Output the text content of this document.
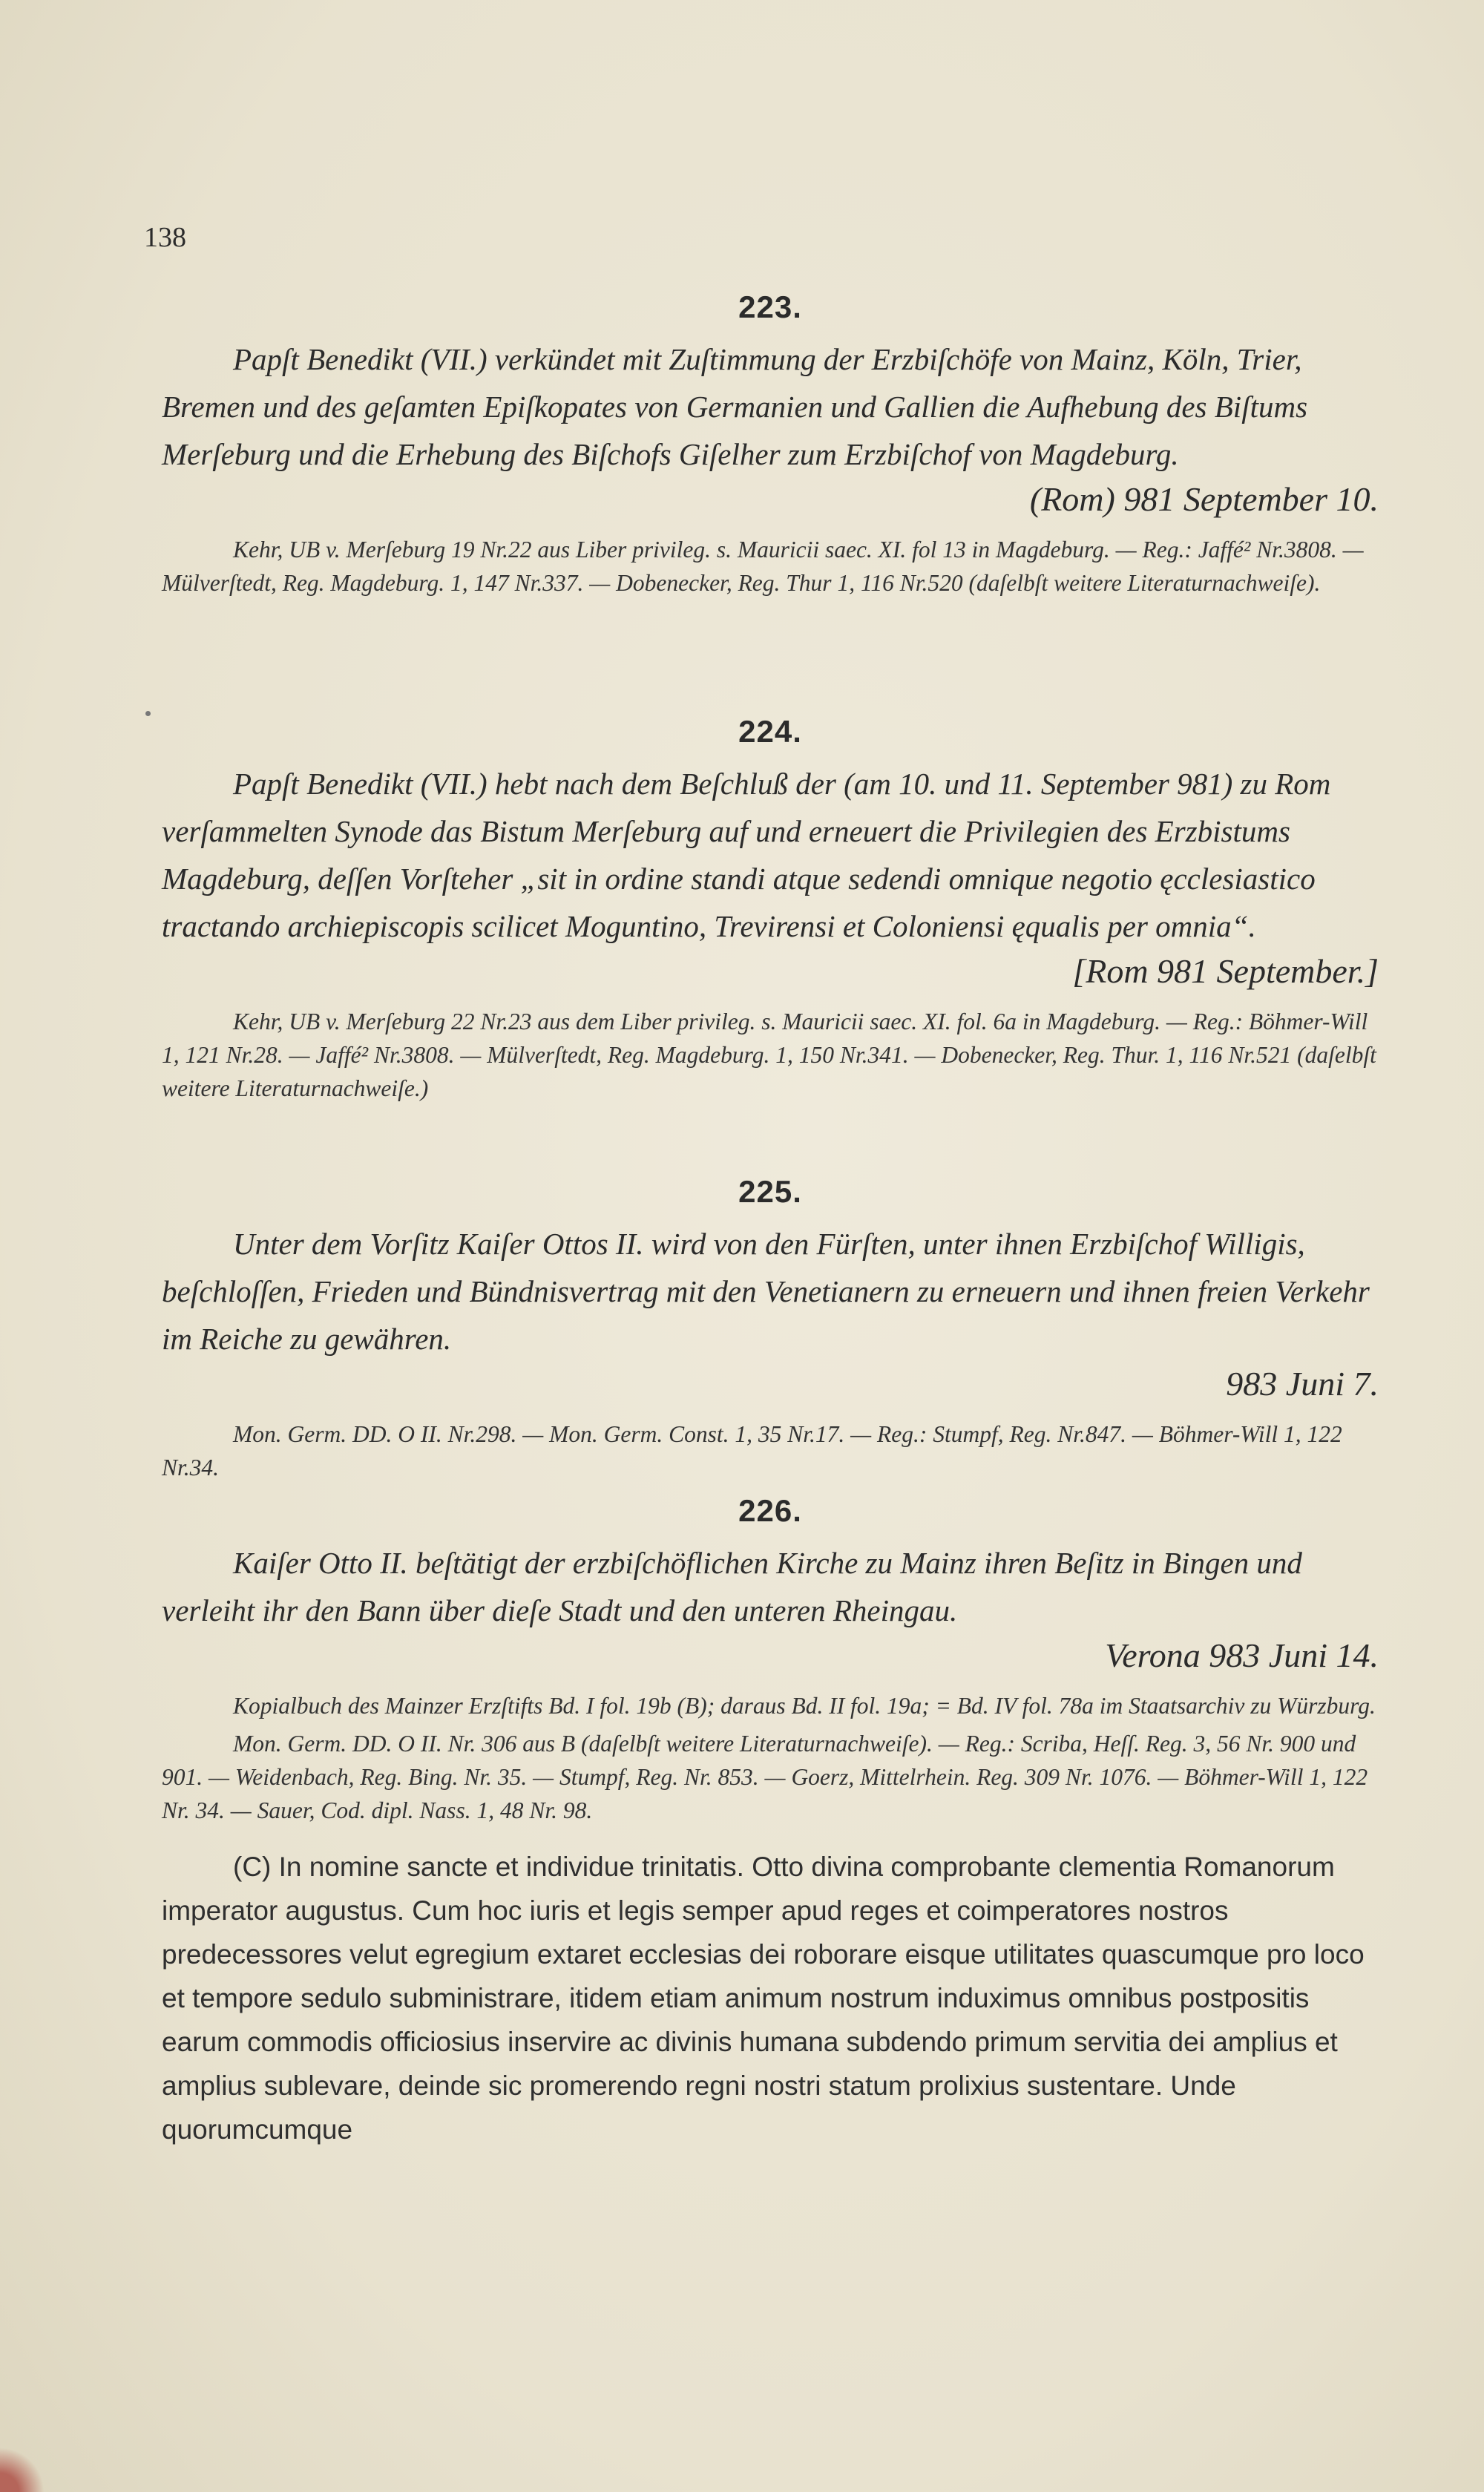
138
223.

Papſt Benedikt (VII.) verkündet mit Zuſtimmung der Erzbiſchöfe von Mainz, Köln, Trier, Bremen und des geſamten Epiſkopates von Germanien und Gallien die Aufhebung des Biſtums Merſeburg und die Erhebung des Biſchofs Giſelher zum Erzbiſchof von Magdeburg.

(Rom) 981 September 10.

Kehr, UB v. Merſeburg 19 Nr.22 aus Liber privileg. s. Mauricii saec. XI. fol 13 in Magdeburg. — Reg.: Jaffé² Nr.3808. — Mülverſtedt, Reg. Magdeburg. 1, 147 Nr.337. — Dobenecker, Reg. Thur 1, 116 Nr.520 (daſelbſt weitere Literaturnachweiſe).

224.

Papſt Benedikt (VII.) hebt nach dem Beſchluß der (am 10. und 11. September 981) zu Rom verſammelten Synode das Bistum Merſeburg auf und erneuert die Privilegien des Erzbistums Magdeburg, deſſen Vorſteher „sit in ordine standi atque sedendi omnique negotio ęcclesiastico tractando archiepiscopis scilicet Moguntino, Trevirensi et Coloniensi ęqualis per omnia“.

[Rom 981 September.]

Kehr, UB v. Merſeburg 22 Nr.23 aus dem Liber privileg. s. Mauricii saec. XI. fol. 6a in Magdeburg. — Reg.: Böhmer-Will 1, 121 Nr.28. — Jaffé² Nr.3808. — Mülverſtedt, Reg. Magdeburg. 1, 150 Nr.341. — Dobenecker, Reg. Thur. 1, 116 Nr.521 (daſelbſt weitere Literaturnachweiſe.)

225.

Unter dem Vorſitz Kaiſer Ottos II. wird von den Fürſten, unter ihnen Erzbiſchof Willigis, beſchloſſen, Frieden und Bündnisvertrag mit den Venetianern zu erneuern und ihnen freien Verkehr im Reiche zu gewähren.

983 Juni 7.

Mon. Germ. DD. O II. Nr.298. — Mon. Germ. Const. 1, 35 Nr.17. — Reg.: Stumpf, Reg. Nr.847. — Böhmer-Will 1, 122 Nr.34.

226.

Kaiſer Otto II. beſtätigt der erzbiſchöflichen Kirche zu Mainz ihren Beſitz in Bingen und verleiht ihr den Bann über dieſe Stadt und den unteren Rheingau.

Verona 983 Juni 14.

Kopialbuch des Mainzer Erzſtifts Bd. I fol. 19b (B); daraus Bd. II fol. 19a; = Bd. IV fol. 78a im Staatsarchiv zu Würzburg.

Mon. Germ. DD. O II. Nr. 306 aus B (daſelbſt weitere Literaturnachweiſe). — Reg.: Scriba, Heſſ. Reg. 3, 56 Nr. 900 und 901. — Weidenbach, Reg. Bing. Nr. 35. — Stumpf, Reg. Nr. 853. — Goerz, Mittelrhein. Reg. 309 Nr. 1076. — Böhmer-Will 1, 122 Nr. 34. — Sauer, Cod. dipl. Nass. 1, 48 Nr. 98.

(C) In nomine sancte et individue trinitatis. Otto divina comprobante clementia Romanorum imperator augustus. Cum hoc iuris et legis semper apud reges et coimperatores nostros predecessores velut egregium extaret ecclesias dei roborare eisque utilitates quascumque pro loco et tempore sedulo subministrare, itidem etiam animum nostrum induximus omnibus postpositis earum commodis officiosius inservire ac divinis humana subdendo primum servitia dei amplius et amplius sublevare, deinde sic promerendo regni nostri statum prolixius sustentare. Unde quorumcumque
